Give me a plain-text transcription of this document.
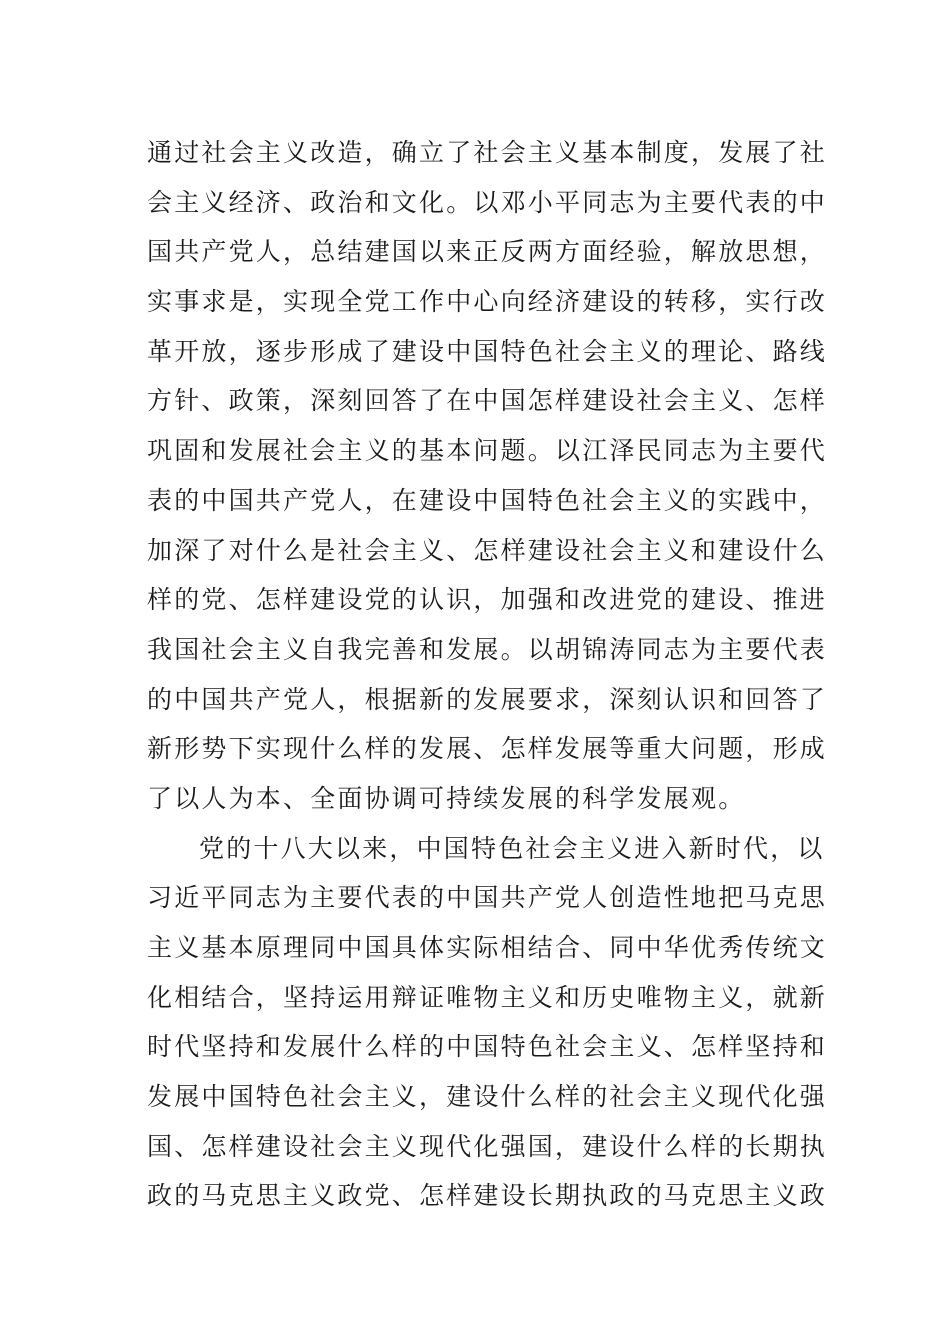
通过社会主义改造，确立了社会主义基本制度，发展了社
会主义经济、政治和文化。以邓小平同志为主要代表的中
国共产党人，总结建国以来正反两方面经验，解放思想，
实事求是，实现全党工作中心向经济建设的转移，实行改
革开放，逐步形成了建设中国特色社会主义的理论、路线
方针、政策，深刻回答了在中国怎样建设社会主义、怎样
巩固和发展社会主义的基本问题。以江泽民同志为主要代
表的中国共产党人，在建设中国特色社会主义的实践中，
加深了对什么是社会主义、怎样建设社会主义和建设什么
样的党、怎样建设党的认识，加强和改进党的建设、推进
我国社会主义自我完善和发展。以胡锦涛同志为主要代表
的中国共产党人，根据新的发展要求，深刻认识和回答了
新形势下实现什么样的发展、怎样发展等重大问题，形成
了以人为本、全面协调可持续发展的科学发展观。
党的十八大以来，中国特色社会主义进入新时代，以
习近平同志为主要代表的中国共产党人创造性地把马克思
主义基本原理同中国具体实际相结合、同中华优秀传统文
化相结合，坚持运用辩证唯物主义和历史唯物主义，就新
时代坚持和发展什么样的中国特色社会主义、怎样坚持和
发展中国特色社会主义，建设什么样的社会主义现代化强
国、怎样建设社会主义现代化强国，建设什么样的长期执
政的马克思主义政党、怎样建设长期执政的马克思主义政
